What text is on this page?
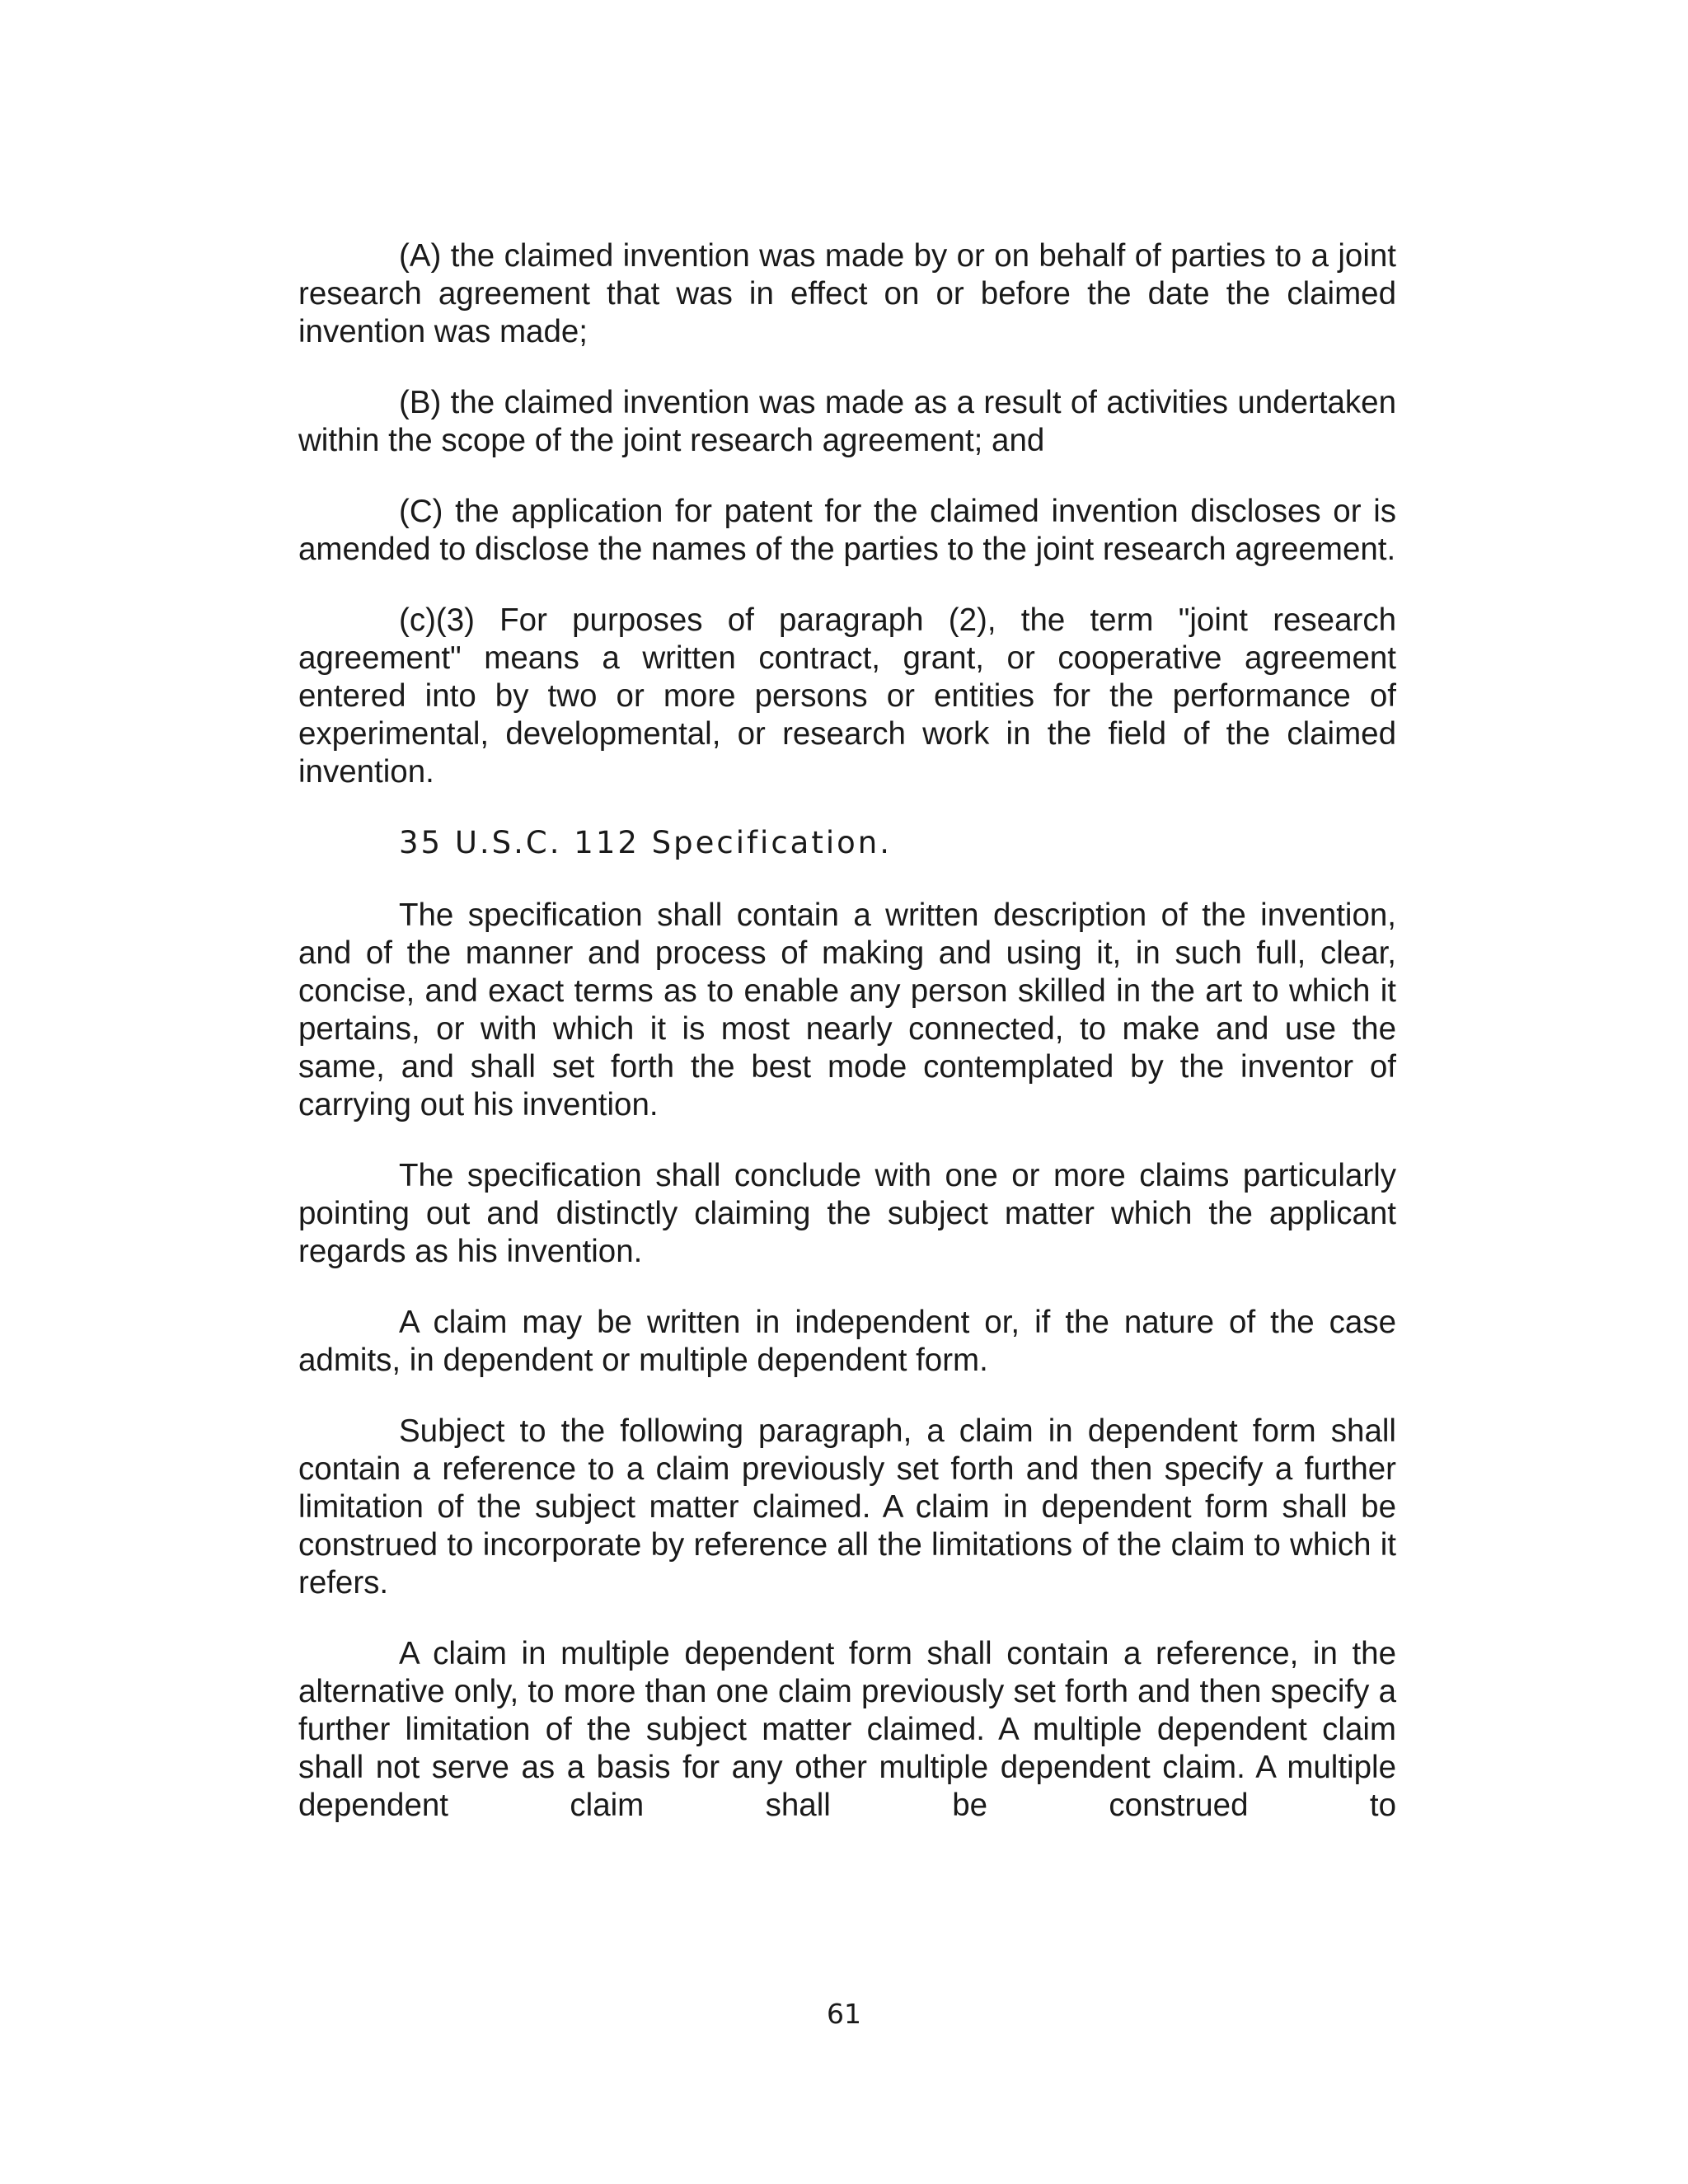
(A) the claimed invention was made by or on behalf of parties to a joint research agreement that was in effect on or before the date the claimed invention was made;

(B) the claimed invention was made as a result of activities undertaken within the scope of the joint research agreement; and

(C) the application for patent for the claimed invention discloses or is amended to disclose the names of the parties to the joint research agreement.

(c)(3) For purposes of paragraph (2), the term "joint research agreement" means a written contract, grant, or cooperative agreement entered into by two or more persons or entities for the performance of experimental, developmental, or research work in the field of the claimed invention.

35 U.S.C. 112 Specification.

The specification shall contain a written description of the invention, and of the manner and process of making and using it, in such full, clear, concise, and exact terms as to enable any person skilled in the art to which it pertains, or with which it is most nearly connected, to make and use the same, and shall set forth the best mode contemplated by the inventor of carrying out his invention.

The specification shall conclude with one or more claims particularly pointing out and distinctly claiming the subject matter which the applicant regards as his invention.

A claim may be written in independent or, if the nature of the case admits, in dependent or multiple dependent form.

Subject to the following paragraph, a claim in dependent form shall contain a reference to a claim previously set forth and then specify a further limitation of the subject matter claimed. A claim in dependent form shall be construed to incorporate by reference all the limitations of the claim to which it refers.

A claim in multiple dependent form shall contain a reference, in the alternative only, to more than one claim previously set forth and then specify a further limitation of the subject matter claimed. A multiple dependent claim shall not serve as a basis for any other multiple dependent claim. A multiple dependent claim shall be construed to

61
